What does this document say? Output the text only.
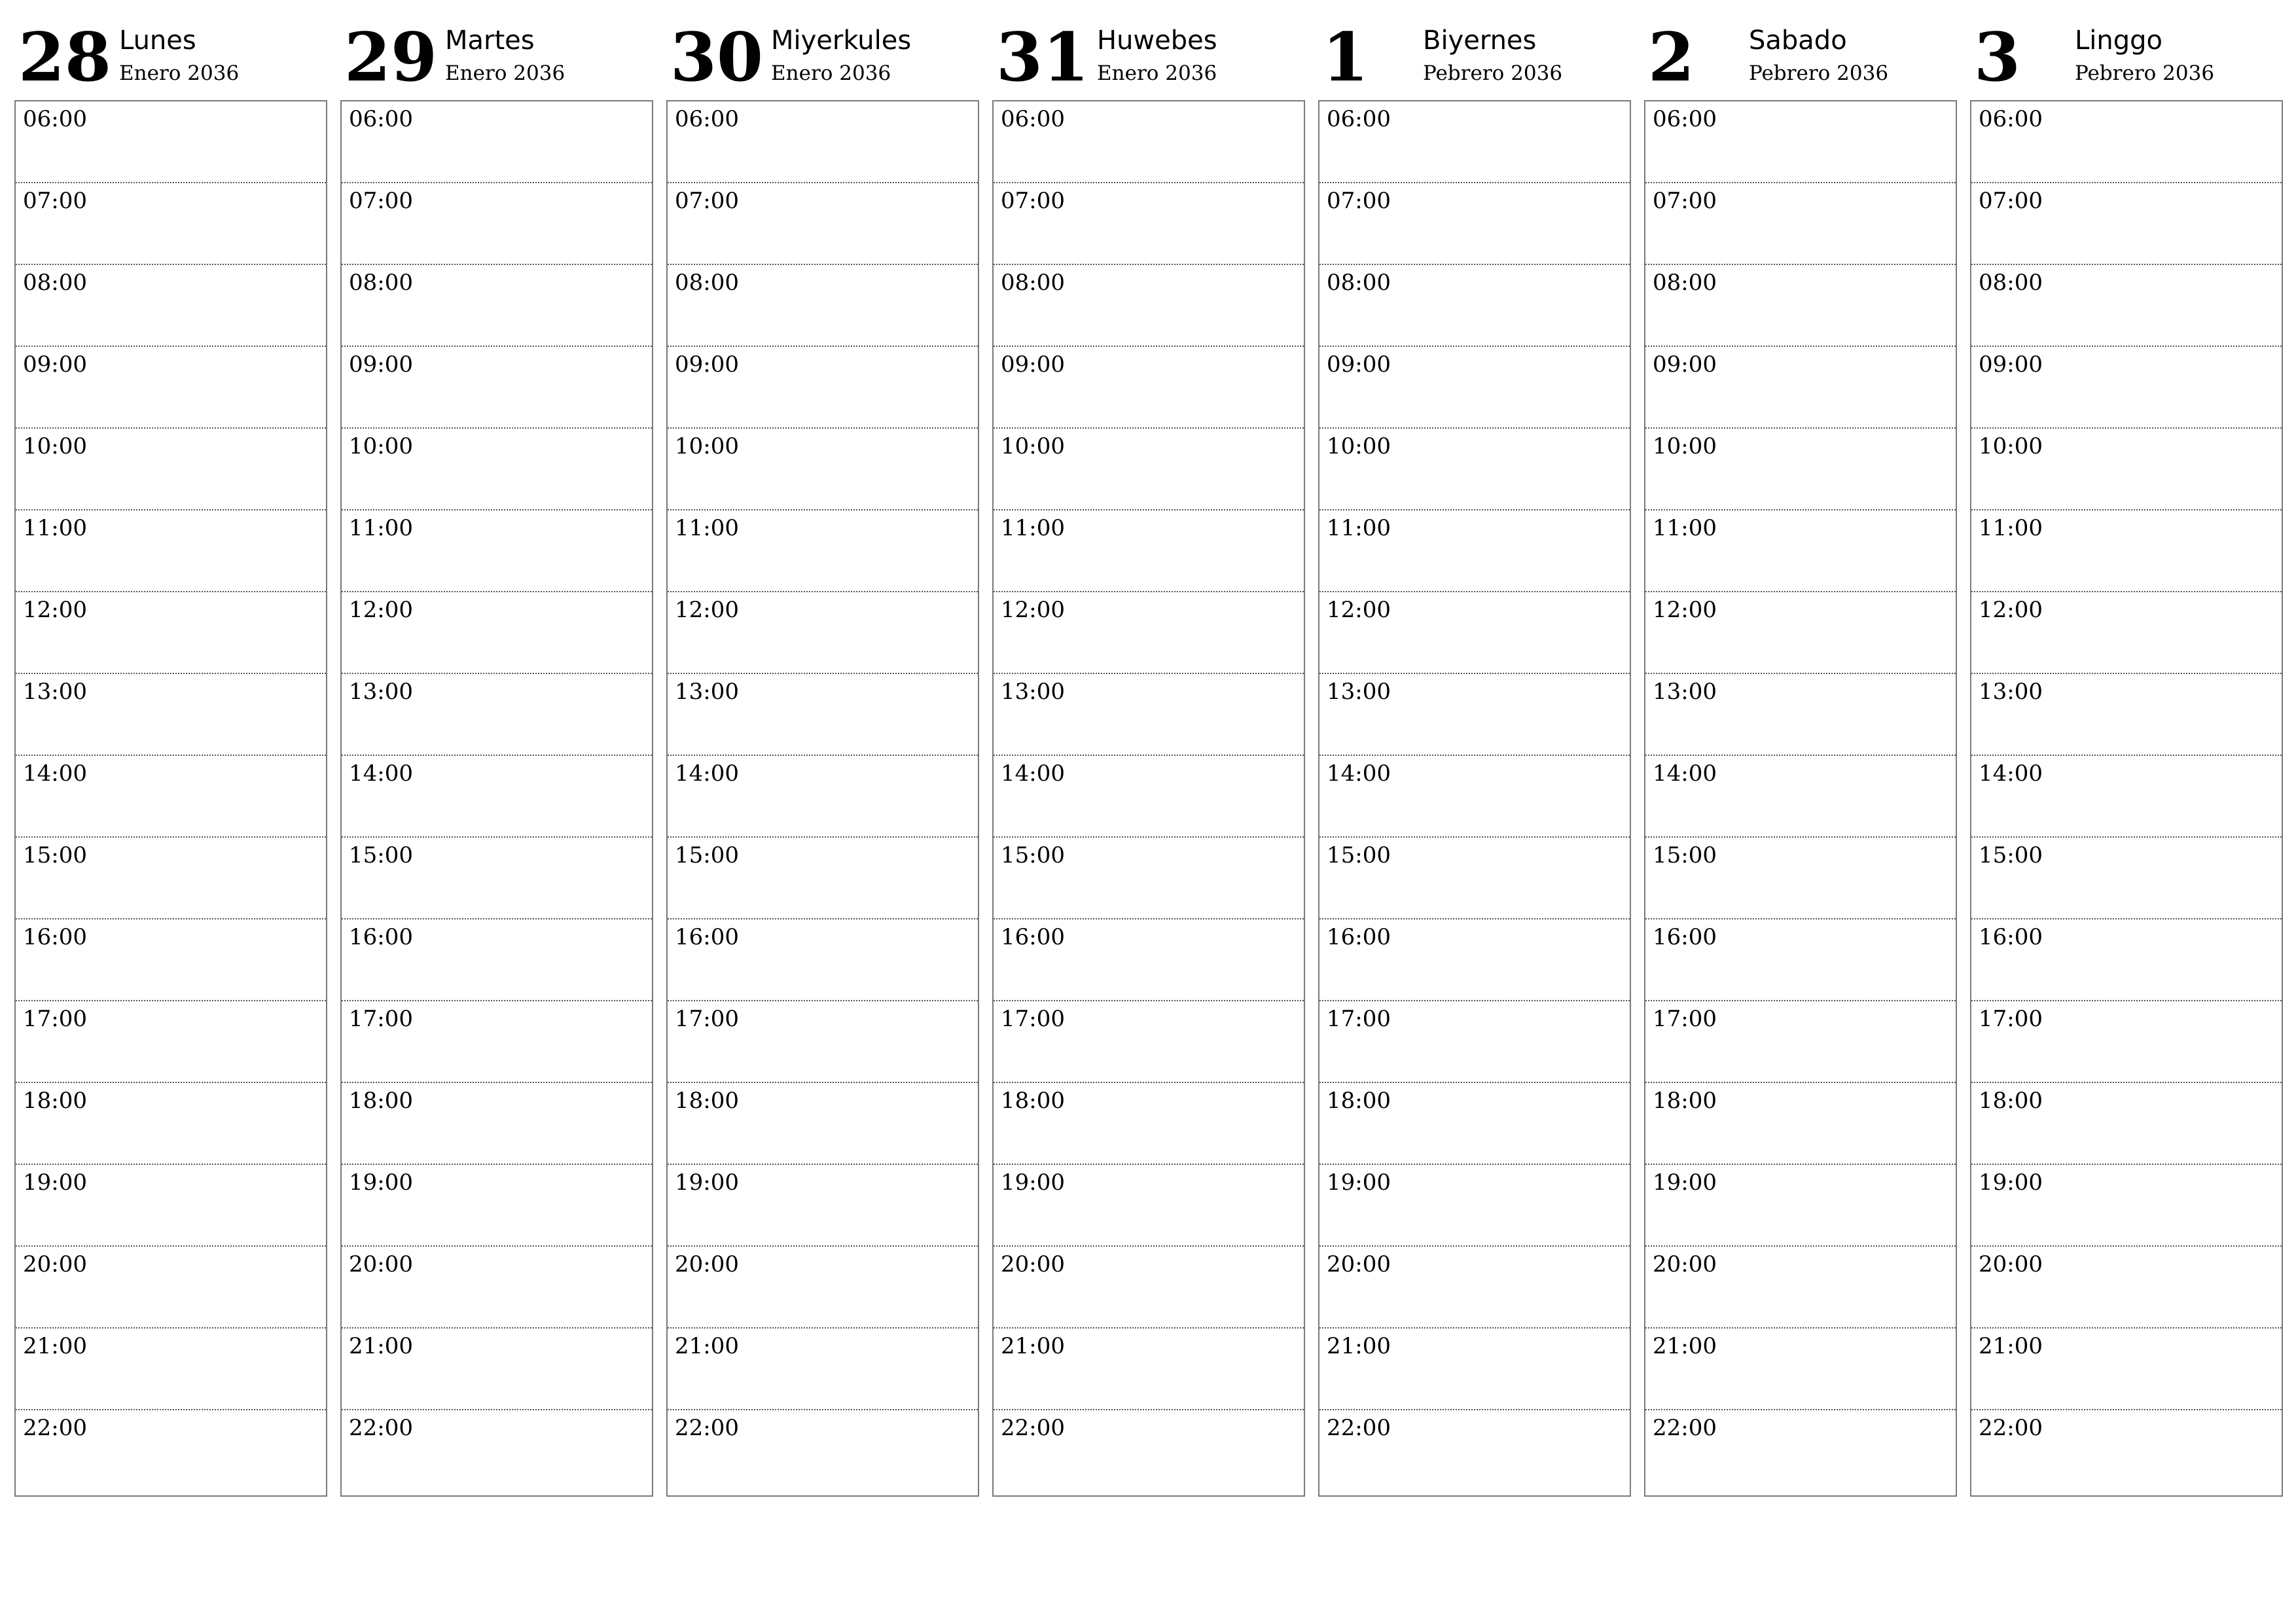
28 Lunes
Enero 2036
06:00
07:00
08:00
09:00
10:00
11:00
12:00
13:00
14:00
15:00
16:00
17:00
18:00
19:00
20:00
21:00
22:00
29 Martes
Enero 2036
06:00
07:00
08:00
09:00
10:00
11:00
12:00
13:00
14:00
15:00
16:00
17:00
18:00
19:00
20:00
21:00
22:00
30 Miyerkules
Enero 2036
06:00
07:00
08:00
09:00
10:00
11:00
12:00
13:00
14:00
15:00
16:00
17:00
18:00
19:00
20:00
21:00
22:00
31 Huwebes
Enero 2036
06:00
07:00
08:00
09:00
10:00
11:00
12:00
13:00
14:00
15:00
16:00
17:00
18:00
19:00
20:00
21:00
22:00
1 Biyernes
Pebrero 2036
06:00
07:00
08:00
09:00
10:00
11:00
12:00
13:00
14:00
15:00
16:00
17:00
18:00
19:00
20:00
21:00
22:00
2 Sabado
Pebrero 2036
06:00
07:00
08:00
09:00
10:00
11:00
12:00
13:00
14:00
15:00
16:00
17:00
18:00
19:00
20:00
21:00
22:00
3 Linggo
Pebrero 2036
06:00
07:00
08:00
09:00
10:00
11:00
12:00
13:00
14:00
15:00
16:00
17:00
18:00
19:00
20:00
21:00
22:00
